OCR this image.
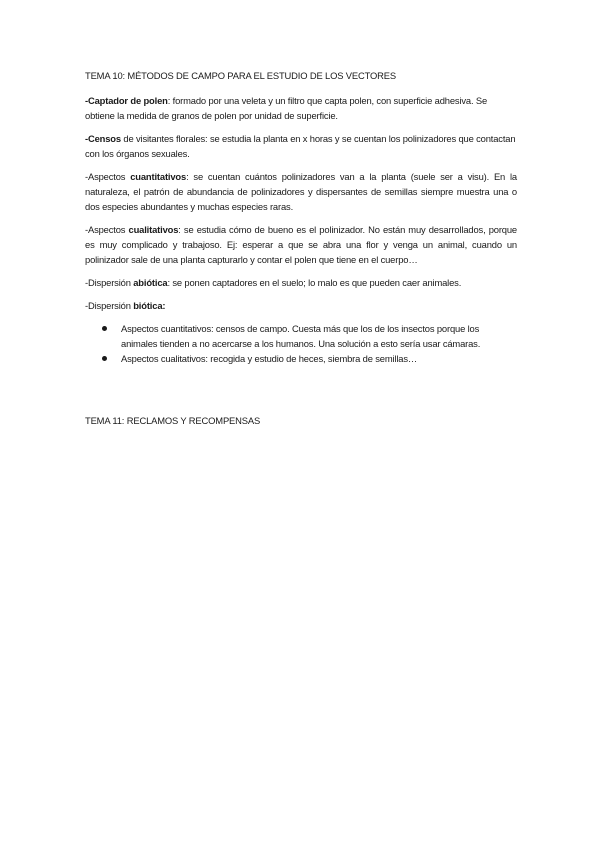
TEMA 10: MÉTODOS DE CAMPO PARA EL ESTUDIO DE LOS VECTORES

-Captador de polen: formado por una veleta y un filtro que capta polen, con superficie adhesiva. Se obtiene la medida de granos de polen por unidad de superficie.

-Censos de visitantes florales: se estudia la planta en x horas y se cuentan los polinizadores que contactan con los órganos sexuales.

-Aspectos cuantitativos: se cuentan cuántos polinizadores van a la planta (suele ser a visu). En la naturaleza, el patrón de abundancia de polinizadores y dispersantes de semillas siempre muestra una o dos especies abundantes y muchas especies raras.

-Aspectos cualitativos: se estudia cómo de bueno es el polinizador. No están muy desarrollados, porque es muy complicado y trabajoso. Ej: esperar a que se abra una flor y venga un animal, cuando un polinizador sale de una planta capturarlo y contar el polen que tiene en el cuerpo…

-Dispersión abiótica: se ponen captadores en el suelo; lo malo es que pueden caer animales.

-Dispersión biótica:

Aspectos cuantitativos: censos de campo. Cuesta más que los de los insectos porque los animales tienden a no acercarse a los humanos. Una solución a esto sería usar cámaras.
Aspectos cualitativos: recogida y estudio de heces, siembra de semillas…

TEMA 11: RECLAMOS Y RECOMPENSAS
